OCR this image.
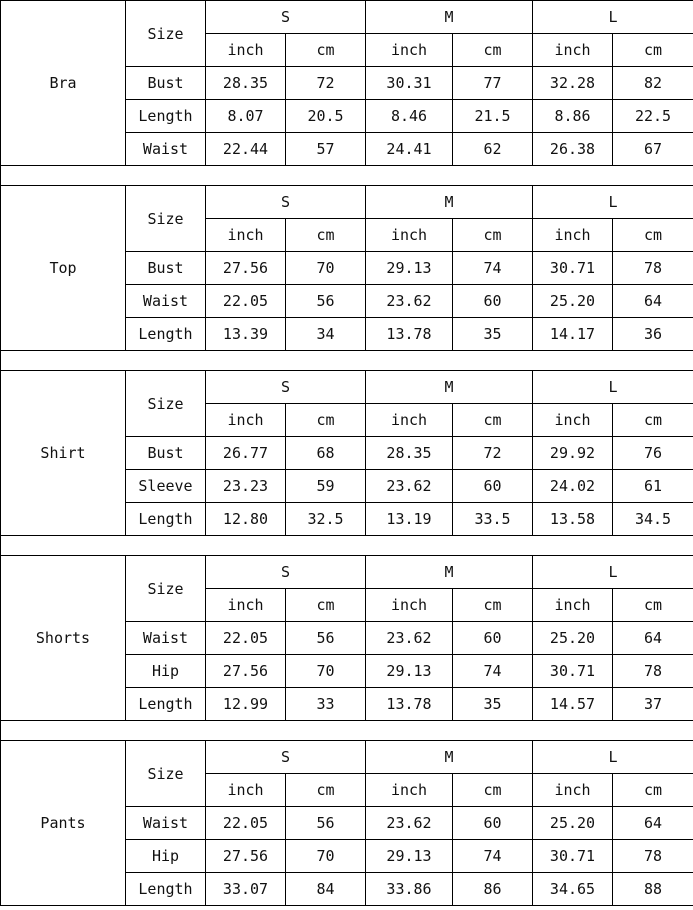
Bra	Size	S		M		L	
		inch	cm	inch	cm	inch	cm
	Bust	28.35	72	30.31	77	32.28	82
	Length	8.07	20.5	8.46	21.5	8.86	22.5
	Waist	22.44	57	24.41	62	26.38	67

Top	Size	S		M		L	
		inch	cm	inch	cm	inch	cm
	Bust	27.56	70	29.13	74	30.71	78
	Waist	22.05	56	23.62	60	25.20	64
	Length	13.39	34	13.78	35	14.17	36

Shirt	Size	S		M		L	
		inch	cm	inch	cm	inch	cm
	Bust	26.77	68	28.35	72	29.92	76
	Sleeve	23.23	59	23.62	60	24.02	61
	Length	12.80	32.5	13.19	33.5	13.58	34.5

Shorts	Size	S		M		L	
		inch	cm	inch	cm	inch	cm
	Waist	22.05	56	23.62	60	25.20	64
	Hip	27.56	70	29.13	74	30.71	78
	Length	12.99	33	13.78	35	14.57	37

Pants	Size	S		M		L	
		inch	cm	inch	cm	inch	cm
	Waist	22.05	56	23.62	60	25.20	64
	Hip	27.56	70	29.13	74	30.71	78
	Length	33.07	84	33.86	86	34.65	88
